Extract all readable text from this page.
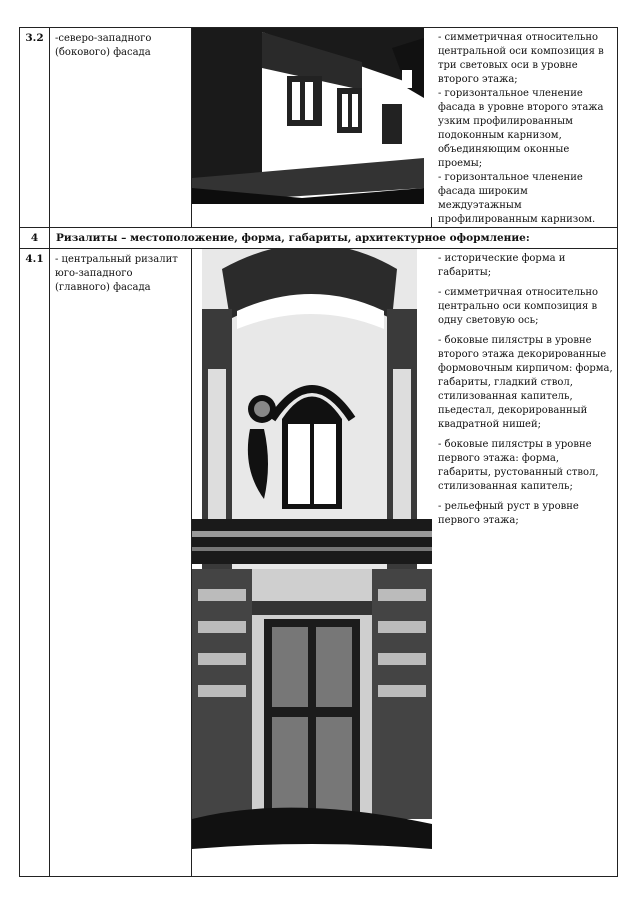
3.2	-северо-западного (бокового) фасада		- симметричная относительно центральной оси композиция в три световых оси в уровне второго этажа;

- горизонтальное членение фасада в уровне второго этажа узким профилированным подоконным карнизом, объединяющим оконные проемы;

- горизонтальное членение фасада широким междуэтажным профилированным карнизом.

4	Ризалиты – местоположение, форма, габариты, архитектурное оформление:		
4.1	- центральный ризалит юго-западного (главного) фасада		- исторические форма и габариты;

- симметричная относительно центрально оси композиция в одну световую ось;

- боковые пилястры в уровне второго этажа декорированные формовочным кирпичом: форма, габариты, гладкий ствол, стилизованная капитель, пьедестал, декорированный квадратной нишей;

- боковые пилястры в уровне первого этажа: форма, габариты, рустованный ствол, стилизованная капитель;

- рельефный руст в уровне первого этажа;
